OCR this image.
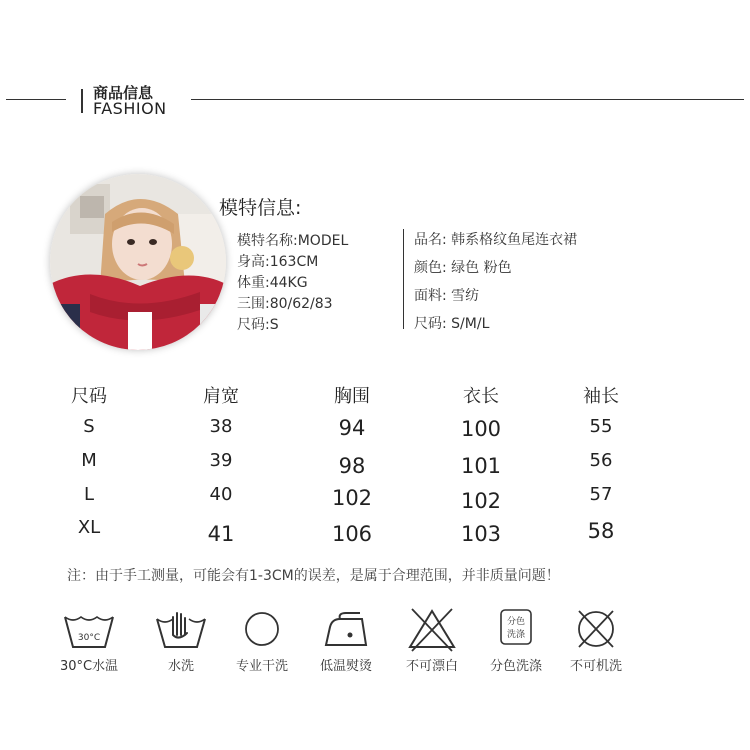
商品信息
FASHION
模特信息:
模特名称:MODEL
身高:163CM
体重:44KG
三围:80/62/83
尺码:S
品名: 韩系格纹鱼尾连衣裙
颜色: 绿色 粉色
面料: 雪纺
尺码: S/M/L
尺码	肩宽	胸围	衣长	袖长
S	38	94	100	55
M	39	98	101	56
L	40	102	102	57
XL	41	106	103	58
注：由于手工测量，可能会有1-3CM的误差，是属于合理范围，并非质量问题！
30°C
分色
洗涤
30°C水温	水洗	专业干洗 低温熨烫	不可漂白 分色洗涤 不可机洗
